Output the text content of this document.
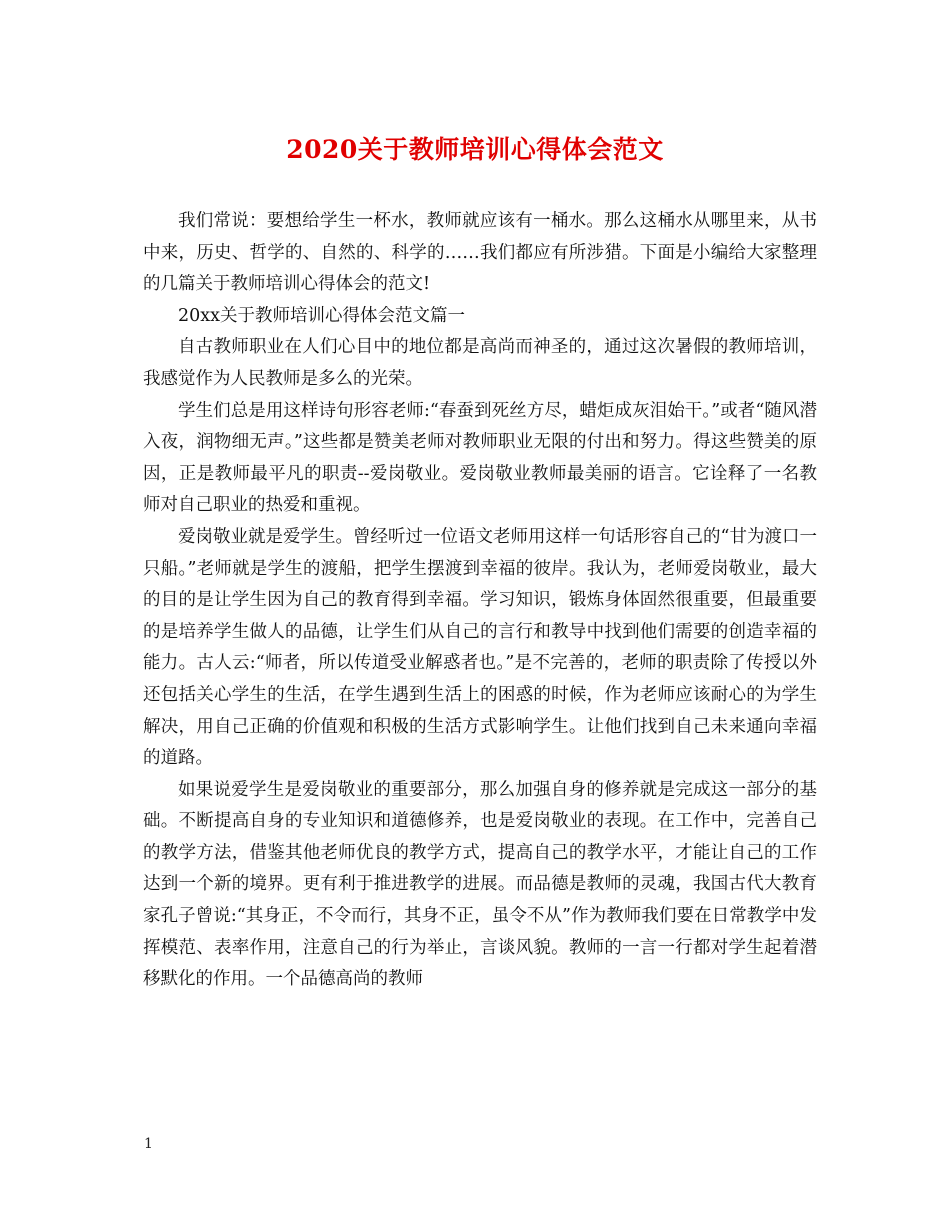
2020关于教师培训心得体会范文

我们常说：要想给学生一杯水，教师就应该有一桶水。那么这桶水从哪里来，从书中来，历史、哲学的、自然的、科学的……我们都应有所涉猎。下面是小编给大家整理的几篇关于教师培训心得体会的范文!

20xx关于教师培训心得体会范文篇一

自古教师职业在人们心目中的地位都是高尚而神圣的，通过这次暑假的教师培训，我感觉作为人民教师是多么的光荣。

学生们总是用这样诗句形容老师:“春蚕到死丝方尽，蜡炬成灰泪始干。”或者“随风潜入夜，润物细无声。”这些都是赞美老师对教师职业无限的付出和努力。得这些赞美的原因，正是教师最平凡的职责--爱岗敬业。爱岗敬业教师最美丽的语言。它诠释了一名教师对自己职业的热爱和重视。

爱岗敬业就是爱学生。曾经听过一位语文老师用这样一句话形容自己的“甘为渡口一只船。”老师就是学生的渡船，把学生摆渡到幸福的彼岸。我认为，老师爱岗敬业，最大的目的是让学生因为自己的教育得到幸福。学习知识，锻炼身体固然很重要，但最重要的是培养学生做人的品德，让学生们从自己的言行和教导中找到他们需要的创造幸福的能力。古人云:“师者，所以传道受业解惑者也。”是不完善的，老师的职责除了传授以外还包括关心学生的生活，在学生遇到生活上的困惑的时候，作为老师应该耐心的为学生解决，用自己正确的价值观和积极的生活方式影响学生。让他们找到自己未来通向幸福的道路。

如果说爱学生是爱岗敬业的重要部分，那么加强自身的修养就是完成这一部分的基础。不断提高自身的专业知识和道德修养，也是爱岗敬业的表现。在工作中，完善自己的教学方法，借鉴其他老师优良的教学方式，提高自己的教学水平，才能让自己的工作达到一个新的境界。更有利于推进教学的进展。而品德是教师的灵魂，我国古代大教育家孔子曾说:“其身正，不令而行，其身不正，虽令不从”作为教师我们要在日常教学中发挥模范、表率作用，注意自己的行为举止，言谈风貌。教师的一言一行都对学生起着潜移默化的作用。一个品德高尚的教师

1
